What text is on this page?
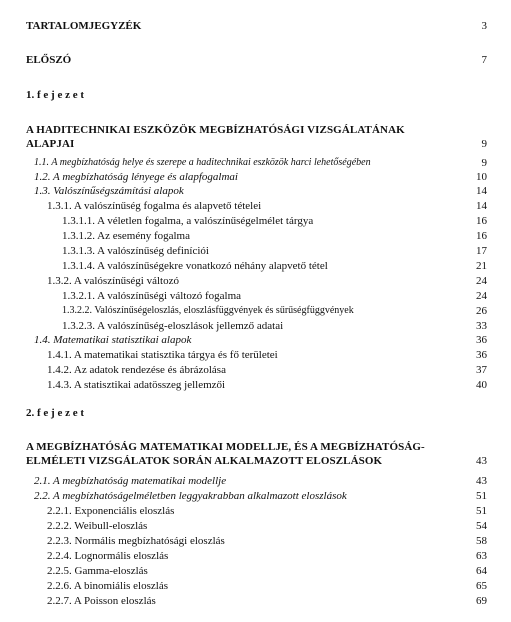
TARTALOMJEGYZÉK	3
ELŐSZÓ	7
1. f e j e z e t
A HADITECHNIKAI ESZKÖZÖK MEGBÍZHATÓSÁGI VIZSGÁLATÁNAK
ALAPJAI	9
1.1. A megbízhatóság helye és szerepe a haditechnikai eszközök harci lehetőségében	9
1.2. A megbízhatóság lényege és alapfogalmai	10
1.3. Valószínűségszámítási alapok	14
1.3.1. A valószínűség fogalma és alapvető tételei	14
1.3.1.1. A véletlen fogalma, a valószínűségelmélet tárgya	16
1.3.1.2. Az esemény fogalma	16
1.3.1.3. A valószínűség definíciói	17
1.3.1.4. A valószínűségekre vonatkozó néhány alapvető tétel	21
1.3.2. A valószínűségi változó	24
1.3.2.1. A valószínűségi változó fogalma	24
1.3.2.2. Valószínűségeloszlás, eloszlásfüggvények és sűrűségfüggvények	26
1.3.2.3. A valószínűség-eloszlások jellemző adatai	33
1.4. Matematikai statisztikai alapok	36
1.4.1. A matematikai statisztika tárgya és fő területei	36
1.4.2. Az adatok rendezése és ábrázolása	37
1.4.3. A statisztikai adatösszeg jellemzői	40
2. f e j e z e t
A MEGBÍZHATÓSÁG MATEMATIKAI MODELLJE, ÉS A MEGBÍZHATÓSÁG-
ELMÉLETI VIZSGÁLATOK SORÁN ALKALMAZOTT ELOSZLÁSOK	43
2.1. A megbízhatóság matematikai modellje	43
2.2. A megbízhatóságelméletben leggyakrabban alkalmazott eloszlások	51
2.2.1. Exponenciális eloszlás	51
2.2.2. Weibull-eloszlás	54
2.2.3. Normális megbízhatósági eloszlás	58
2.2.4. Lognormális eloszlás	63
2.2.5. Gamma-eloszlás	64
2.2.6. A binomiális eloszlás	65
2.2.7. A Poisson eloszlás	69
